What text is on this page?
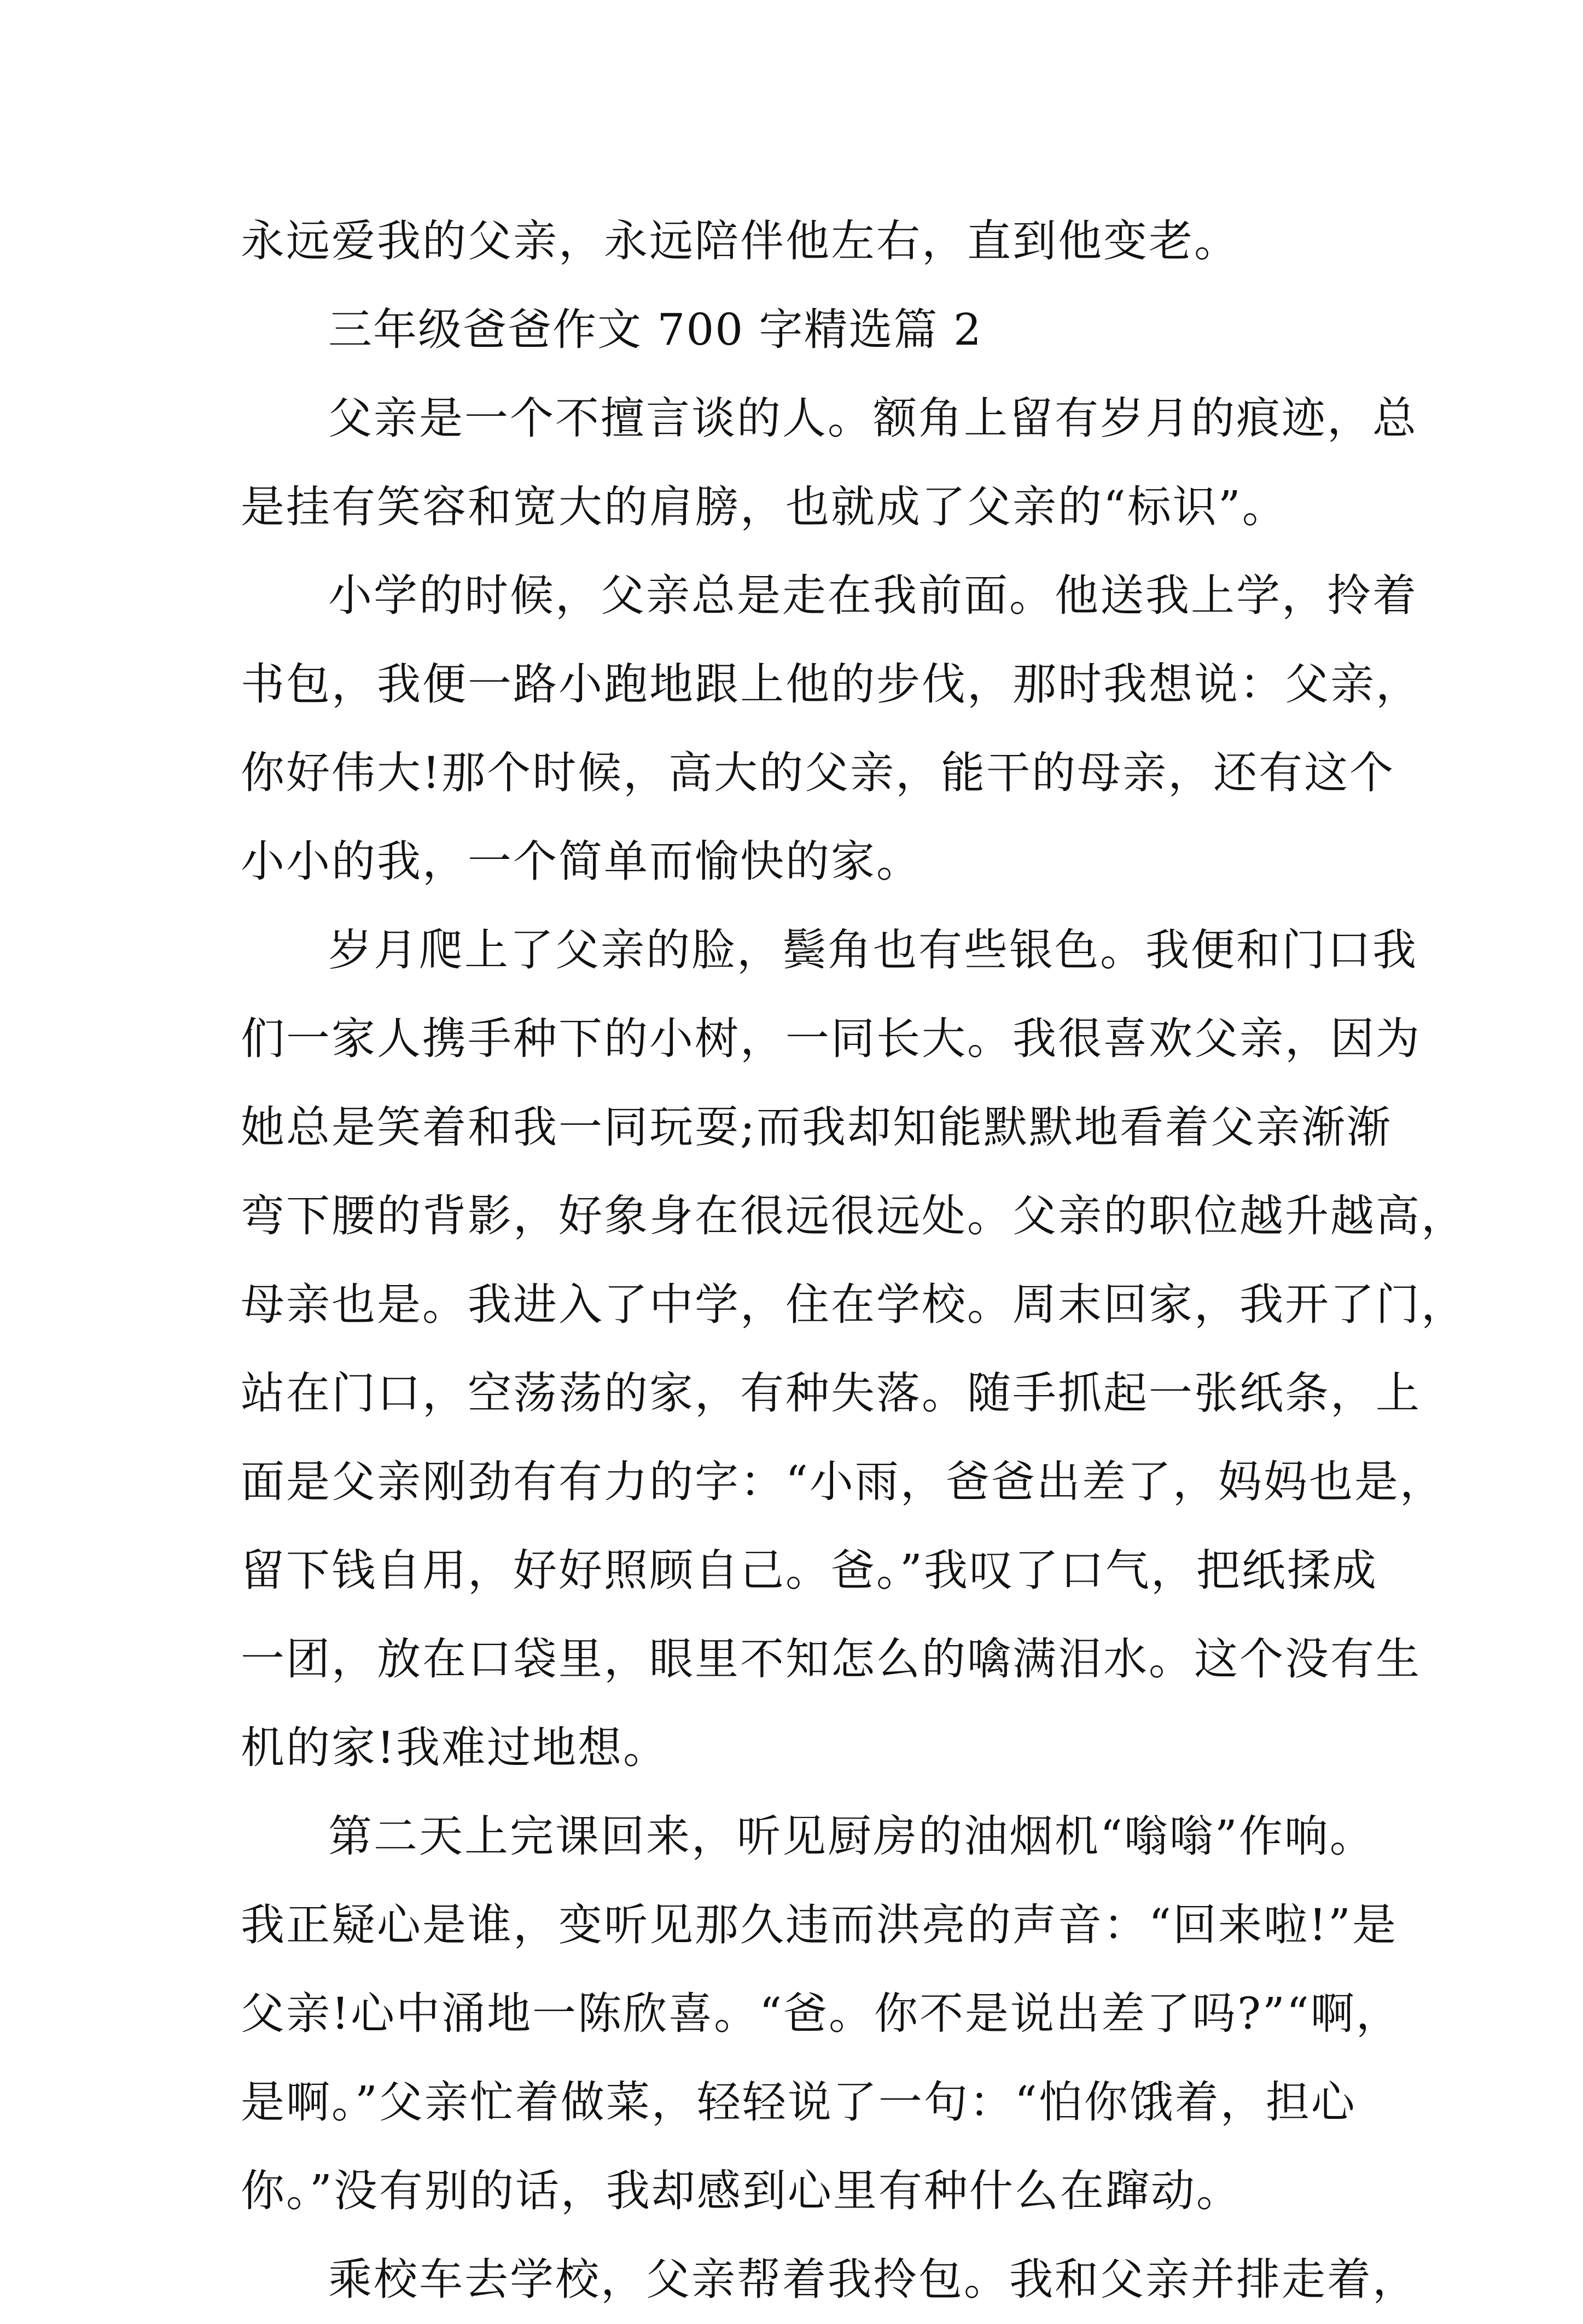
永远爱我的父亲，永远陪伴他左右，直到他变老。
三年级爸爸作文 700 字精选篇 2
父亲是一个不擅言谈的人。额角上留有岁月的痕迹，总
是挂有笑容和宽大的肩膀，也就成了父亲的“标识”。
小学的时候，父亲总是走在我前面。他送我上学，拎着
书包，我便一路小跑地跟上他的步伐，那时我想说：父亲，
你好伟大!那个时候，高大的父亲，能干的母亲，还有这个
小小的我，一个简单而愉快的家。
岁月爬上了父亲的脸，鬓角也有些银色。我便和门口我
们一家人携手种下的小树，一同长大。我很喜欢父亲，因为
她总是笑着和我一同玩耍;而我却知能默默地看着父亲渐渐
弯下腰的背影，好象身在很远很远处。父亲的职位越升越高，
母亲也是。我进入了中学，住在学校。周末回家，我开了门，
站在门口，空荡荡的家，有种失落。随手抓起一张纸条，上
面是父亲刚劲有有力的字：“小雨，爸爸出差了，妈妈也是，
留下钱自用，好好照顾自己。爸。”我叹了口气，把纸揉成
一团，放在口袋里，眼里不知怎么的噙满泪水。这个没有生
机的家!我难过地想。
第二天上完课回来，听见厨房的油烟机“嗡嗡”作响。
我正疑心是谁，变听见那久违而洪亮的声音：“回来啦!”是
父亲!心中涌地一陈欣喜。“爸。你不是说出差了吗?”“啊，
是啊。”父亲忙着做菜，轻轻说了一句：“怕你饿着，担心
你。”没有别的话，我却感到心里有种什么在蹿动。
乘校车去学校，父亲帮着我拎包。我和父亲并排走着，
